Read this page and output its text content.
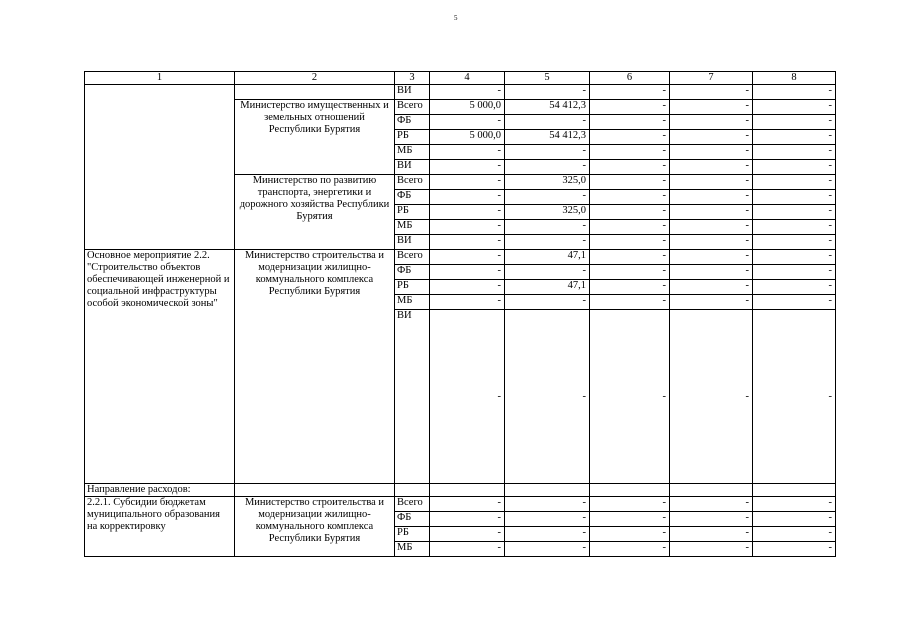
5
1	2	3	4	5	6	7	8
		ВИ	-	-	-	-	-
	Министерство имущественных и земельных отношений Республики Бурятия	Всего	5 000,0	54 412,3	-	-	-
		ФБ	-	-	-	-	-
		РБ	5 000,0	54 412,3	-	-	-
		МБ	-	-	-	-	-
		ВИ	-	-	-	-	-
	Министерство по развитию транспорта, энергетики и дорожного хозяйства Республики Бурятия	Всего	-	325,0	-	-	-
		ФБ	-	-	-	-	-
		РБ	-	325,0	-	-	-
		МБ	-	-	-	-	-
		ВИ	-	-	-	-	-
Основное мероприятие 2.2. "Строительство объектов обеспечивающей инженерной и социальной инфраструктуры особой экономической зоны"	Министерство строительства и модернизации жилищно-коммунального комплекса Республики Бурятия	Всего	-	47,1	-	-	-
		ФБ	-	-	-	-	-
		РБ	-	47,1	-	-	-
		МБ	-	-	-	-	-
		ВИ	-	-	-	-	-
Направление расходов:							
2.2.1. Субсидии бюджетам муниципального образования на корректировку	Министерство строительства и модернизации жилищно-коммунального комплекса Республики Бурятия	Всего	-	-	-	-	-
		ФБ	-	-	-	-	-
		РБ	-	-	-	-	-
		МБ	-	-	-	-	-
